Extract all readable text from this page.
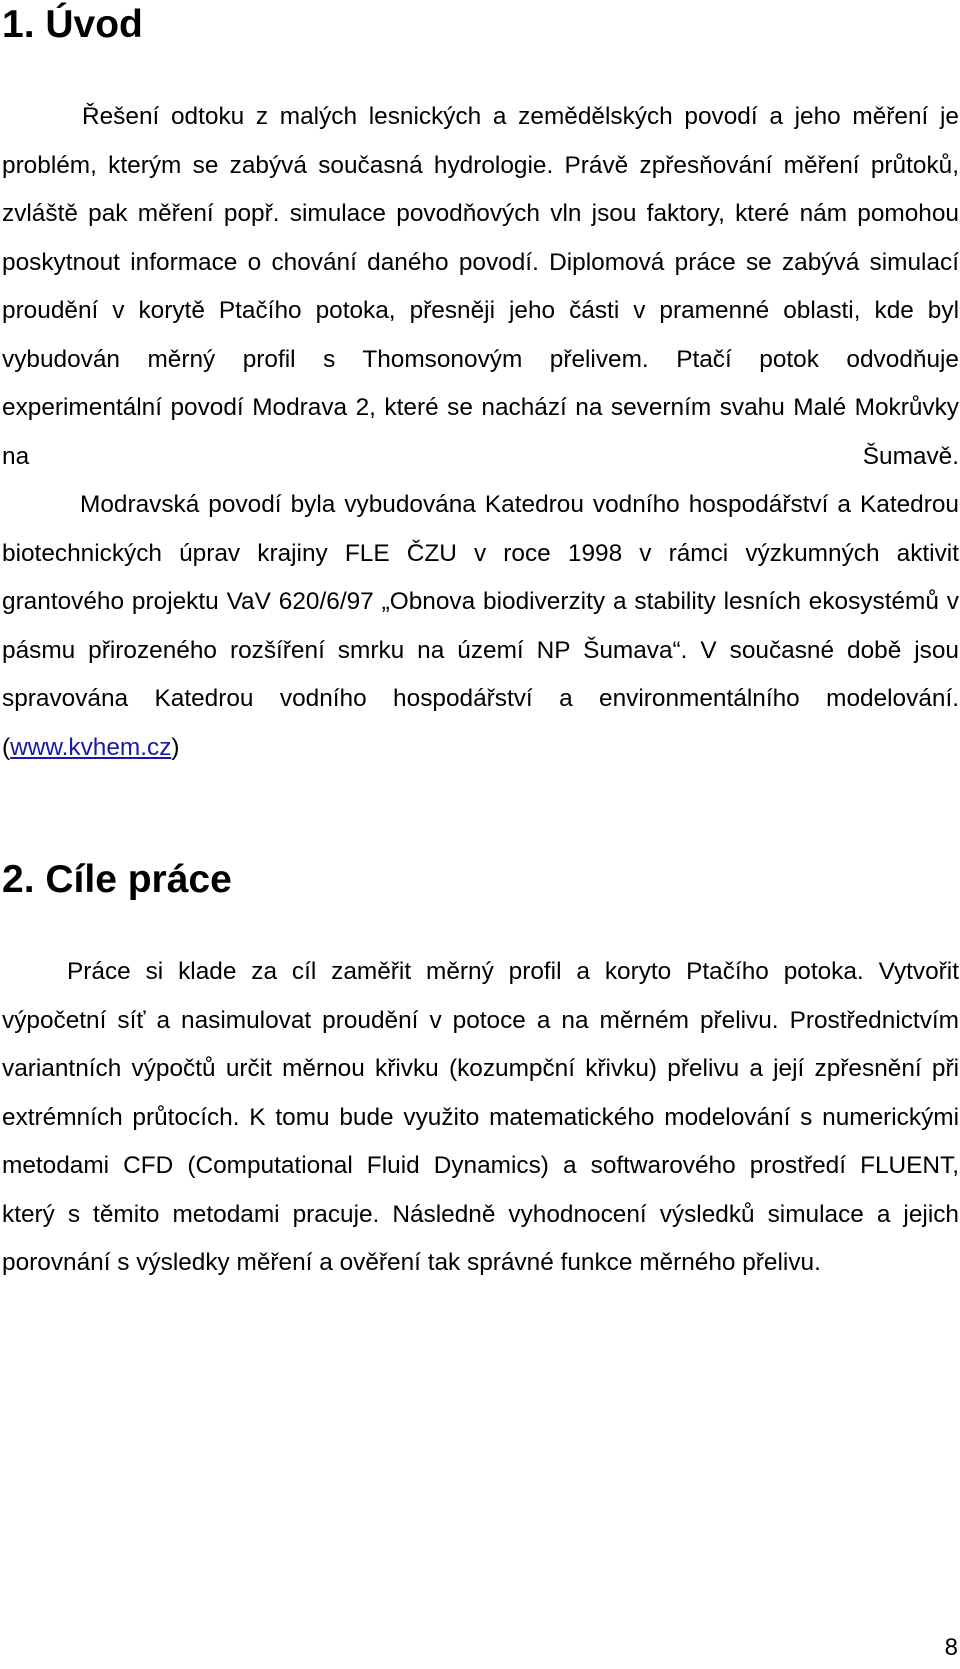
1. Úvod

Řešení odtoku z malých lesnických a zemědělských povodí a jeho měření je problém, kterým se zabývá současná hydrologie. Právě zpřesňování měření průtoků, zvláště pak měření popř. simulace povodňových vln jsou faktory, které nám pomohou poskytnout informace o chování daného povodí. Diplomová práce se zabývá simulací proudění v korytě Ptačího potoka, přesněji jeho části v pramenné oblasti, kde byl vybudován měrný profil s Thomsonovým přelivem. Ptačí potok odvodňuje experimentální povodí Modrava 2, které se nachází na severním svahu Malé Mokrůvky na Šumavě.

Modravská povodí byla vybudována Katedrou vodního hospodářství a Katedrou biotechnických úprav krajiny FLE ČZU v roce 1998 v rámci výzkumných aktivit grantového projektu VaV 620/6/97 „Obnova biodiverzity a stability lesních ekosystémů v pásmu přirozeného rozšíření smrku na území NP Šumava“. V současné době jsou spravována Katedrou vodního hospodářství a environmentálního modelování. (www.kvhem.cz)

2. Cíle práce

Práce si klade za cíl zaměřit měrný profil a koryto Ptačího potoka. Vytvořit výpočetní síť a nasimulovat proudění v potoce a na měrném přelivu. Prostřednictvím variantních výpočtů určit měrnou křivku (kozumpční křivku) přelivu a její zpřesnění při extrémních průtocích. K tomu bude využito matematického modelování s numerickými metodami CFD (Computational Fluid Dynamics) a softwarového prostředí FLUENT, který s těmito metodami pracuje. Následně vyhodnocení výsledků simulace a jejich porovnání s výsledky měření a ověření tak správné funkce měrného přelivu.

8
